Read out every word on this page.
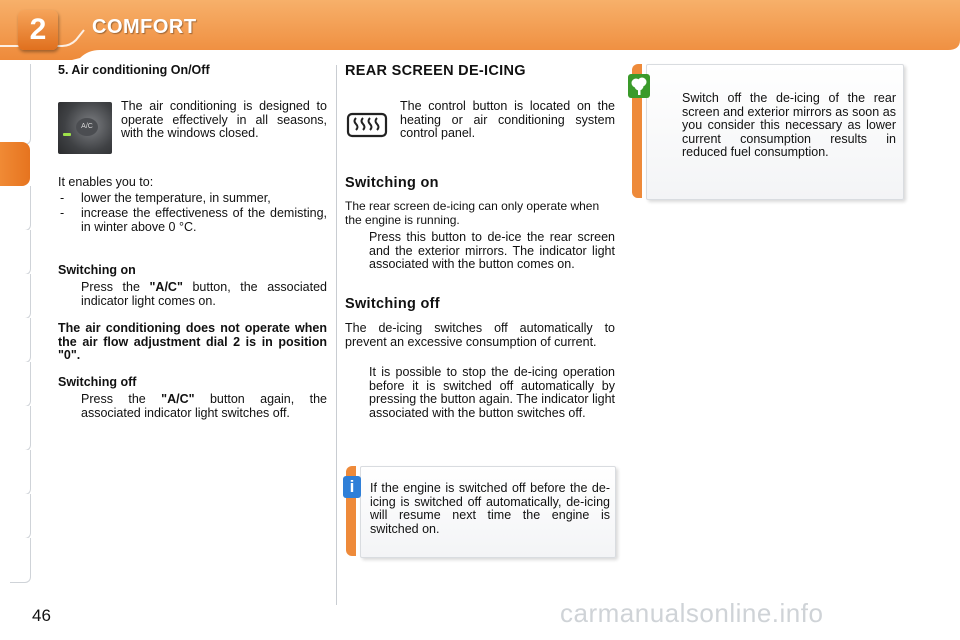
2	COMFORT
5. Air conditioning On/Off
A/C
The air conditioning is designed to operate effectively in all seasons, with the windows closed.
It enables you to:
- lower the temperature, in summer,
- increase the effectiveness of the demisting, in winter above 0 °C.
Switching on
Press the "A/C" button, the associated indicator light comes on.
The air conditioning does not operate when the air flow adjustment dial 2 is in position "0".
Switching off
Press the "A/C" button again, the associated indicator light switches off.
REAR SCREEN DE-ICING
The control button is located on the heating or air conditioning system control panel.
Switching on
The rear screen de-icing can only operate when the engine is running.
Press this button to de-ice the rear screen and the exterior mirrors. The indicator light associated with the button comes on.
Switching off
The de-icing switches off automatically to prevent an excessive consumption of current.
It is possible to stop the de-icing operation before it is switched off automatically by pressing the button again. The indicator light associated with the button switches off.
i	If the engine is switched off before the de-icing is switched off automatically, de-icing will resume next time the engine is switched on.
Switch off the de-icing of the rear screen and exterior mirrors as soon as you consider this necessary as lower current consumption results in reduced fuel consumption.
46	carmanualsonline.info
